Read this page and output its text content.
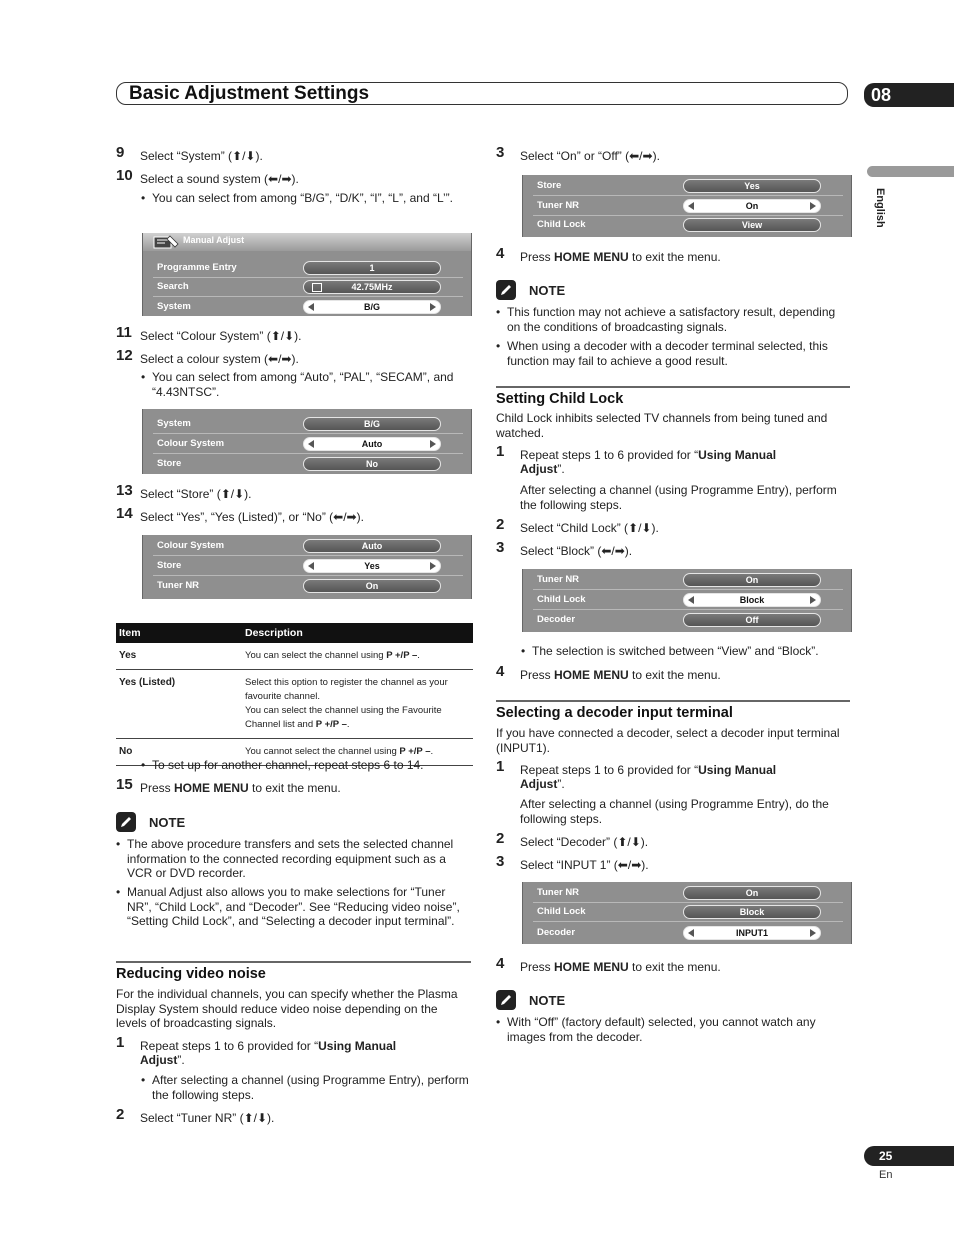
Basic Adjustment Settings	08
English
9 Select “System” (⬆/⬇).
10 Select a sound system (⬅/➡).
• You can select from among “B/G”, “D/K”, “I”, “L”, and “L’”.
Manual Adjust
Programme Entry	1
Search	42.75MHz
System	B/G
11 Select “Colour System” (⬆/⬇).
12 Select a colour system (⬅/➡).
• You can select from among “Auto”, “PAL”, “SECAM”, and “4.43NTSC”.
System	B/G
Colour System	Auto
Store	No
13 Select “Store” (⬆/⬇).
14 Select “Yes”, “Yes (Listed)”, or “No” (⬅/➡).
Colour System	Auto
Store	Yes
Tuner NR	On
Item	Description
Yes	You can select the channel using P +/P –.
Yes (Listed)	Select this option to register the channel as your favourite channel.
You can select the channel using the Favourite Channel list and P +/P –.
No	You cannot select the channel using P +/P –.
• To set up for another channel, repeat steps 6 to 14.
15 Press HOME MENU to exit the menu.
NOTE
• The above procedure transfers and sets the selected channel information to the connected recording equipment such as a VCR or DVD recorder.
• Manual Adjust also allows you to make selections for “Tuner NR”, “Child Lock”, and “Decoder”. See “Reducing video noise”, “Setting Child Lock”, and “Selecting a decoder input terminal”.
Reducing video noise
For the individual channels, you can specify whether the Plasma Display System should reduce video noise depending on the levels of broadcasting signals.
1 Repeat steps 1 to 6 provided for “Using Manual Adjust”.
• After selecting a channel (using Programme Entry), perform the following steps.
2 Select “Tuner NR” (⬆/⬇).
3 Select “On” or “Off” (⬅/➡).
Store	Yes
Tuner NR	On
Child Lock	View
4 Press HOME MENU to exit the menu.
NOTE
• This function may not achieve a satisfactory result, depending on the conditions of broadcasting signals.
• When using a decoder with a decoder terminal selected, this function may fail to achieve a good result.
Setting Child Lock
Child Lock inhibits selected TV channels from being tuned and watched.
1 Repeat steps 1 to 6 provided for “Using Manual Adjust”.
After selecting a channel (using Programme Entry), perform the following steps.
2 Select “Child Lock” (⬆/⬇).
3 Select “Block” (⬅/➡).
Tuner NR	On
Child Lock	Block
Decoder	Off
• The selection is switched between “View” and “Block”.
4 Press HOME MENU to exit the menu.
Selecting a decoder input terminal
If you have connected a decoder, select a decoder input terminal (INPUT1).
1 Repeat steps 1 to 6 provided for “Using Manual Adjust”.
After selecting a channel (using Programme Entry), do the following steps.
2 Select “Decoder” (⬆/⬇).
3 Select “INPUT 1” (⬅/➡).
Tuner NR	On
Child Lock	Block
Decoder	INPUT1
4 Press HOME MENU to exit the menu.
NOTE
• With “Off” (factory default) selected, you cannot watch any images from the decoder.
25
En
